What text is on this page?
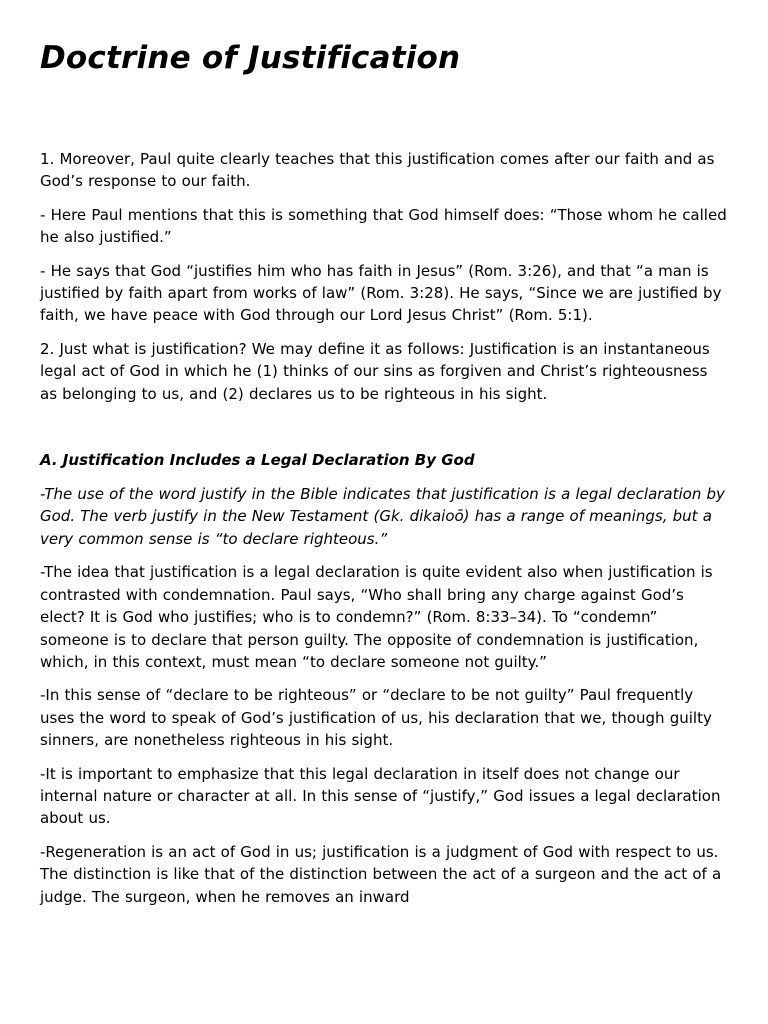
Doctrine of Justification

1. Moreover, Paul quite clearly teaches that this justification comes after our faith and as God’s response to our faith.

- Here Paul mentions that this is something that God himself does: “Those whom he called he also justified.”

- He says that God “justifies him who has faith in Jesus” (Rom. 3:26), and that “a man is justified by faith apart from works of law” (Rom. 3:28). He says, “Since we are justified by faith, we have peace with God through our Lord Jesus Christ” (Rom. 5:1).

2. Just what is justification? We may define it as follows: Justification is an instantaneous legal act of God in which he (1) thinks of our sins as forgiven and Christ’s righteousness as belonging to us, and (2) declares us to be righteous in his sight.

A. Justification Includes a Legal Declaration By God

-The use of the word justify in the Bible indicates that justification is a legal declaration by God. The verb justify in the New Testament (Gk. dikaioō) has a range of meanings, but a very common sense is “to declare righteous.”

-The idea that justification is a legal declaration is quite evident also when justification is contrasted with condemnation. Paul says, “Who shall bring any charge against God’s elect? It is God who justifies; who is to condemn?” (Rom. 8:33–34). To “condemn” someone is to declare that person guilty. The opposite of condemnation is justification, which, in this context, must mean “to declare someone not guilty.”

-In this sense of “declare to be righteous” or “declare to be not guilty” Paul frequently uses the word to speak of God’s justification of us, his declaration that we, though guilty sinners, are nonetheless righteous in his sight.

-It is important to emphasize that this legal declaration in itself does not change our internal nature or character at all. In this sense of “justify,” God issues a legal declaration about us.

-Regeneration is an act of God in us; justification is a judgment of God with respect to us. The distinction is like that of the distinction between the act of a surgeon and the act of a judge. The surgeon, when he removes an inward
